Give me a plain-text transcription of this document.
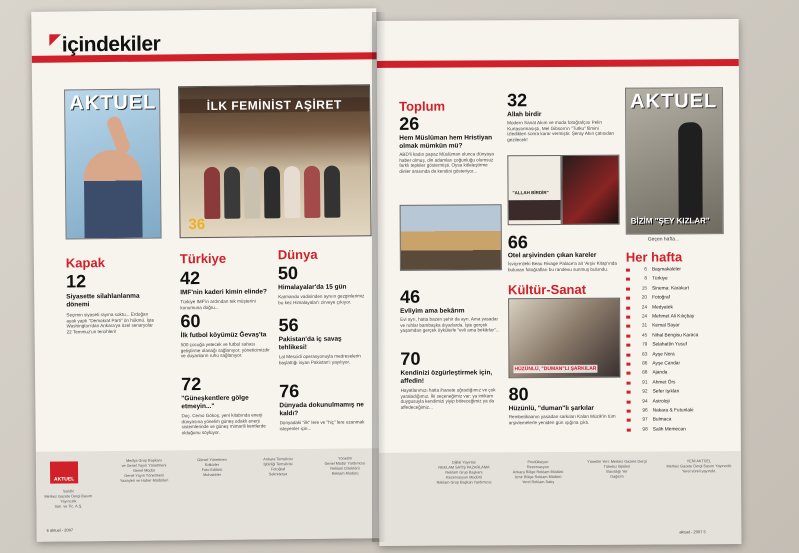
◤içindekiler
AKTUEL	İLK FEMİNİST AŞİRET
36
Kapak	Türkiye	Dünya
12
Siyasette silahlanlanma dönemi
Seçimin siyaseti rayına soktu... Erdoğan ayak yaptı "Demokrat Parti" ön hükmü. İşte Washington'dan Ankara'ya özel senaryolar 22 Temmuz'un tercihleri!
42
IMF'nin kaderi kimin elinde?
Türkiye IMF'in ardından tek müşterini konumuna doğru...
60
İlk futbol köyümüz Ğevaş'ta
500 çocuğa yetecek ve futbol sahası geliştirme olanağı sağlanıyor; yöneticimizdir ve duyanların ruhu sağlanıyor.
72
"Güneşkentlere gölge etmeyin..."
Doç. Cemo Gökoş, yeni kitabında enerji dünyasına yönelim güneş odaklı enerji sistemlerinde ve güneş mimarili kentlerde olduğunu söylüyor.
50
Himalayalar'da 15 gün
Katmandu vadisinden aynıın gezginlerimiz bu kez Himalayalar'ı zirveye çıkıyor.
56
Pakistan'da iç savaş tehlikesi!
Lal Mescidi operasyonuyla medreselerin başlattığı isyan Pakistan'ı yayılıyor.
76
Dünyada dokunulmamış ne kaldı?
Dünyadaki "ilk" lere ve "hiç" lere uzanmak isteyenler için...
AKTUEL
Sahibi
Merkez Gazete Dergi Basım Yayıncılık
San. ve Tic. A.Ş.
Medya Grup Başkanı
ve Genel Yayın Yönetmeni
Genel Müdür
Genel Yayın Yönetmeni
Yazıişleri ve Haber Müdürleri
Görsel Yönetmen
Editörler
Foto Editörü
Muhabirler
Ankara Temsilcisi
İşbirliği Temsilcisi
Fotoğraf
Sekreterya
Yönetim
Genel Müdür Yardımcısı
Reklam Direktörü
Reklam Müdürü
6 aktuel - 2007
Toplum
26
Hem Müslüman hem Hristiyan olmak mümkün mü?
ABD'li kadın papaz Müslüman olunca dünyaya haber olmuş, din adamları çoğunluğu olumsuz farklı tepkiler göstermişti. Oysa kitleleştirme dinler arasında da kendini gösteriyor...
32
Allah birdir
Modern Sanat Akım ve moda fotoğrafçısı Pelin Kurtastırmasıştı, Mel Gibson'ın "Tutku" filmini izledikten sonra karar vermiştir. Şeray Akın çatısıdan gezilecek!
"ALLAH BİRDİR"
AKTUEL
BİZİM "ŞEY KIZLAR"
Geçen hafta...
66
Otel arşivinden çıkan kareler
İsviçre'deki Beau Rivage Palace'a ait 'Arşiv Kitap'ında bulunan fotoğrafları bu randevu sunmuş bulundu.
46
Evliyim ama bekârım
Evi ayrı, hatta bazen şehir da ayrı. Ama yasadar ve ruhlar bambaşka dıyarlarda. İşte gerçek yaşamdan gerçek öykülerle "evli ama bekârlar"...
70
Kendinizi özgürleştirmek için, affedin!
Hayatlarımızı hatta ihanete uğradığımız ve çok yaraladığımız. İki seçeneğimiz var: ya intikam duygusuyla kendimizi yiyip bitireceğimiz ya da affedeceğimiz...
Kültür-Sanat
HÜZÜNLÜ, "DUMAN"LI ŞARKILAR
80
Hüzünlü, "duman"lı şarkılar
Rembetikaanın yasadan sarkıları Kalan Müzik'in tüm arşivlemelerle yeniden gün ışığına çıktı.
Her hafta
Dijital Yayınlar
REKLAM SATIŞ PAZARLAMA
Reklam Grup Başkanı
Rezervasyon Müdürü
Reklam Grup Başkan Yardımcısı
Prodüksiyon
Rezervasyon
Ankara Bölge Reklam Müdürü
İzmir Bölge Reklam Müdürü
Yerel Reklam Satış
Yönetim Yeri: Merkez Gazete Dergi
Tüketici İlişkileri
Basıldığı Yer
Dağıtım
YENİ AKTÜEL
Merkez Gazete Dergi Basım Yayıncılık
Yerel süreli yayındır.
aktuel - 2007 5
6 Başmakaleler
8 Türkiye
15 Sinema: Karakurt
20 Fotoğraf
24 Medyatek
24 Mehmet Ali Kılıçbay
31 Kemal Sayar
45 Nihal Bengisu Karaca
79 Selahattin Yusuf
83 Ayşe Nora
86 Ayşe Candar
88 Ajanda
91 Ahmet Örs
92 Sefer Işıkları
94 Astroloji
96 Nakara & Futunlaki
97 Bulmaca
98 Salih Memecan
